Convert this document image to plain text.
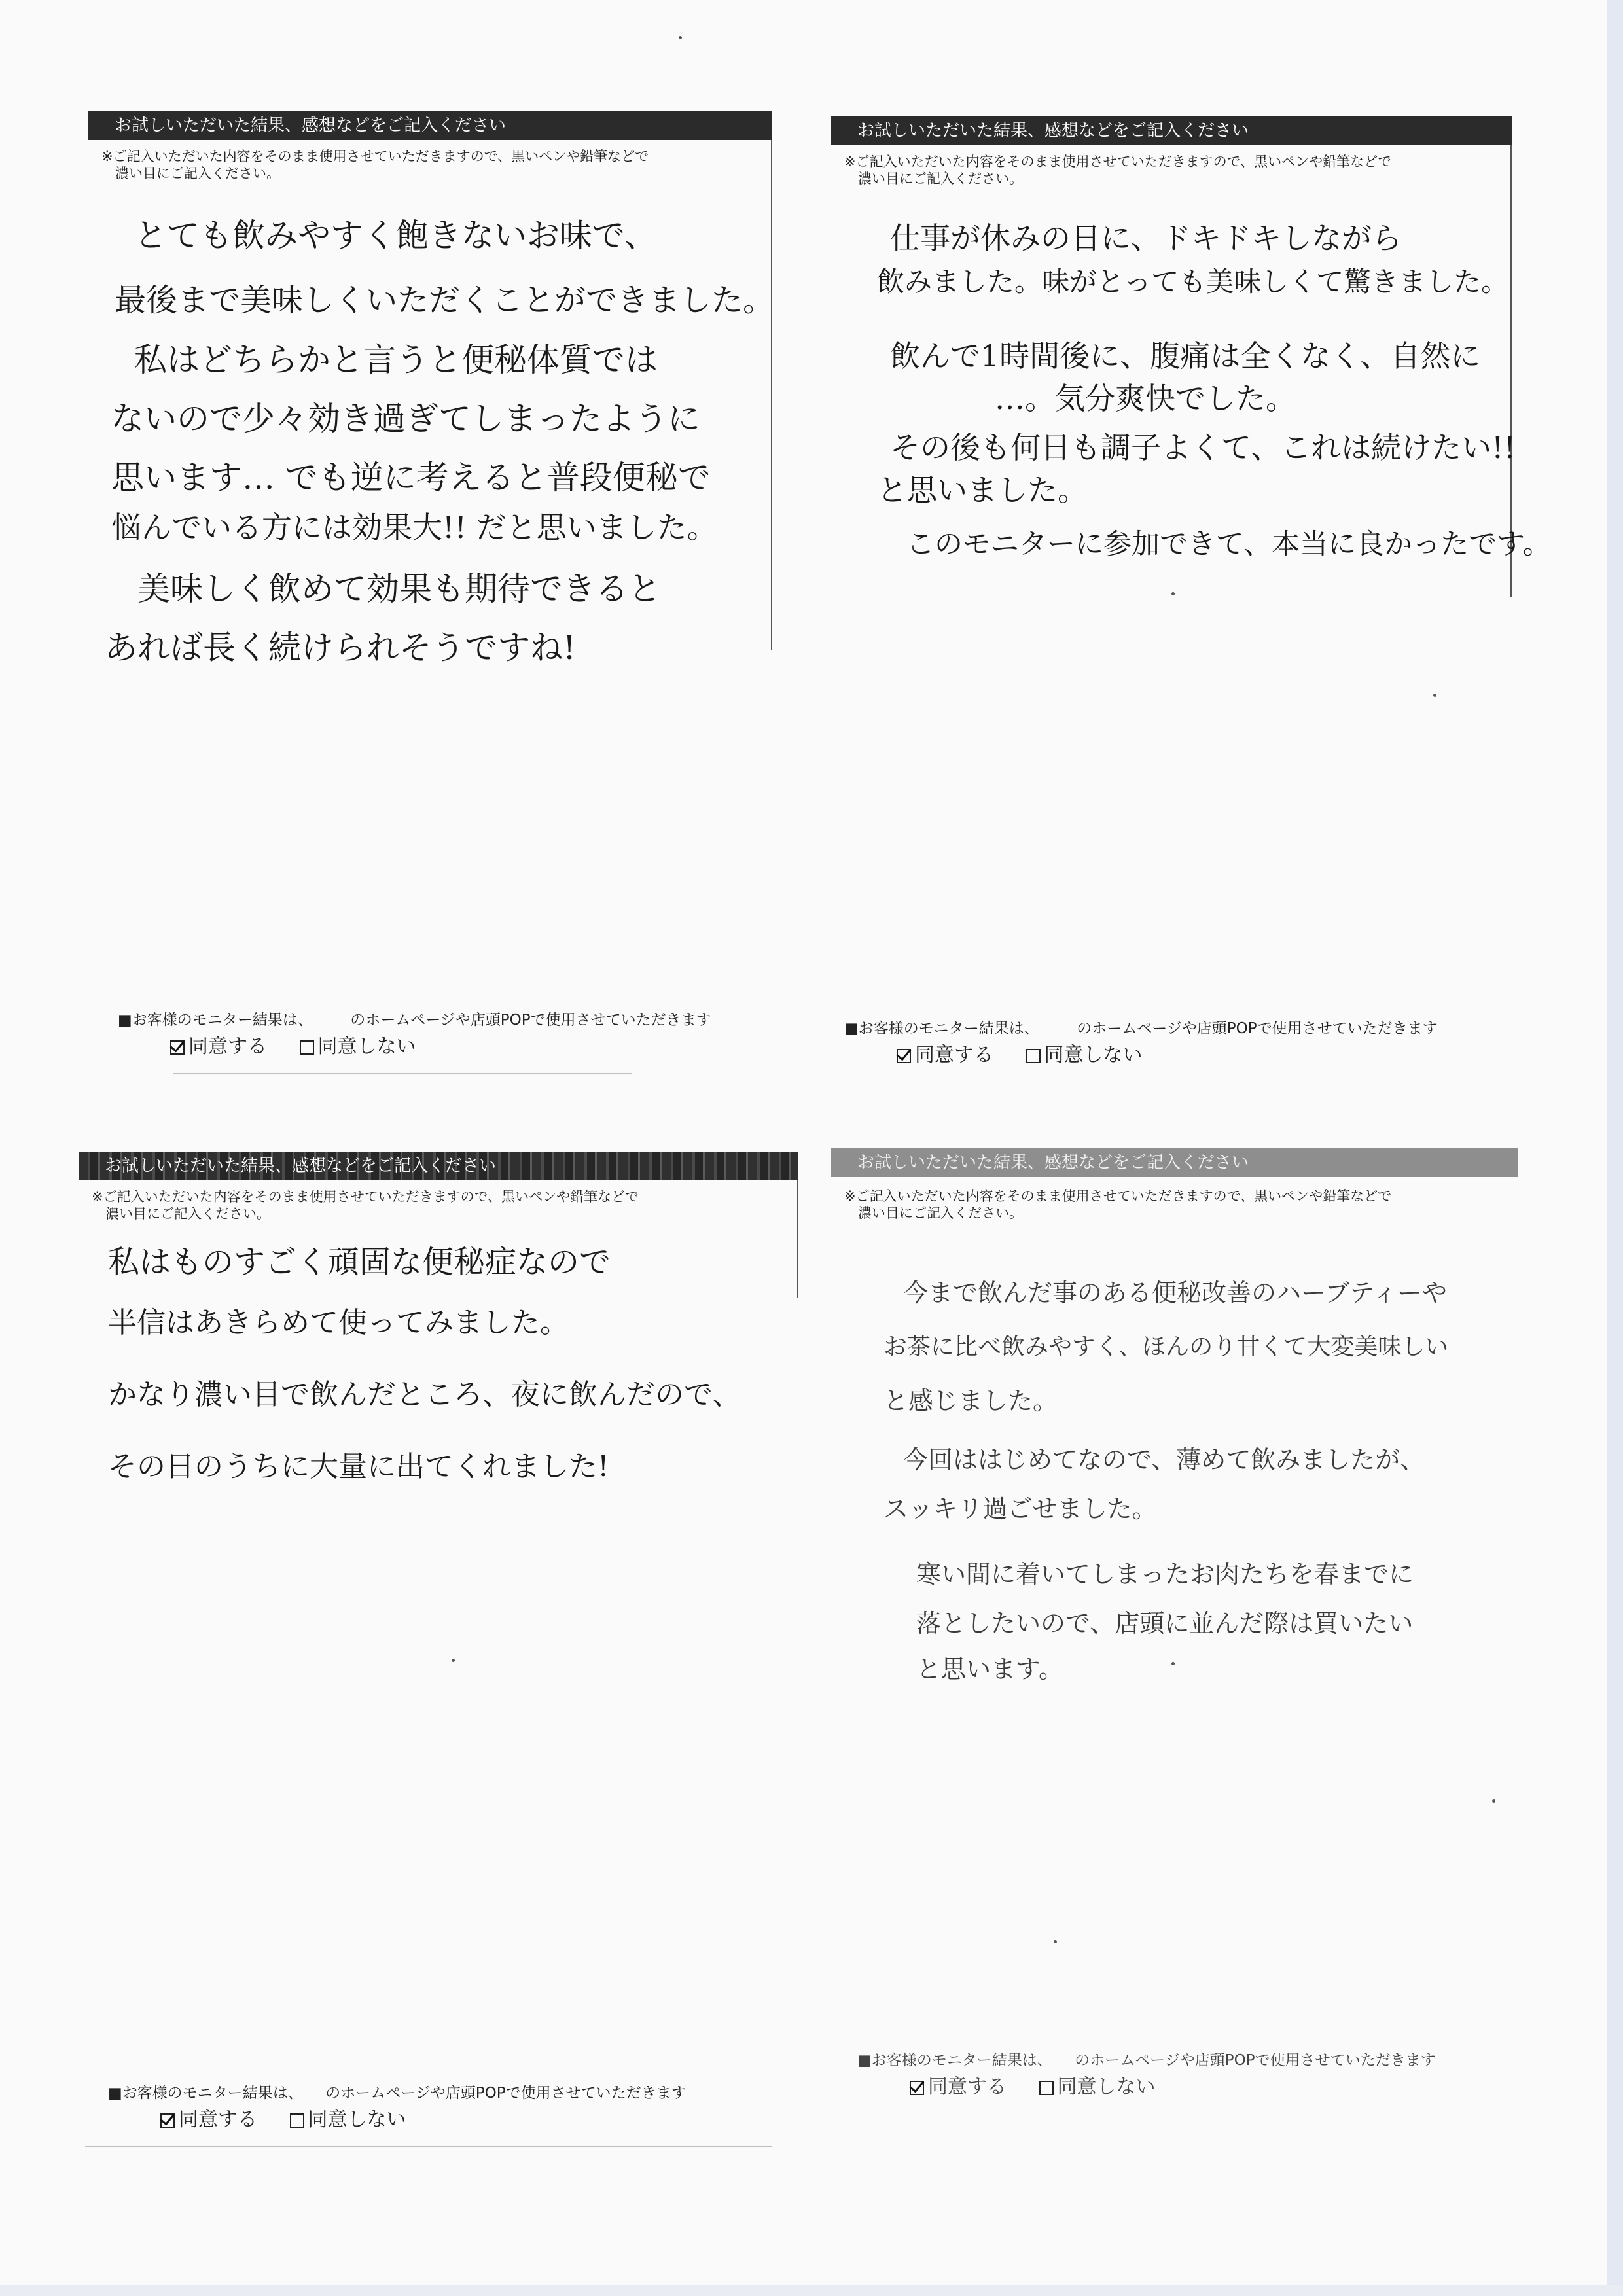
お試しいただいた結果、感想などをご記入ください
※ご記入いただいた内容をそのまま使用させていただきますので、黒いペンや鉛筆などで
　濃い目にご記入ください。
とても飲みやすく飽きないお味で、
最後まで美味しくいただくことができました。
私はどちらかと言うと便秘体質では
ないので少々効き過ぎてしまったように
思います… でも逆に考えると普段便秘で
悩んでいる方には効果大!! だと思いました。
美味しく飲めて効果も期待できると
あれば長く続けられそうですね!
■お客様のモニター結果は、　　　のホームページや店頭POPで使用させていただきます
同意する	同意しない
お試しいただいた結果、感想などをご記入ください
※ご記入いただいた内容をそのまま使用させていただきますので、黒いペンや鉛筆などで
　濃い目にご記入ください。
仕事が休みの日に、ドキドキしながら
飲みました。味がとっても美味しくて驚きました。
飲んで1時間後に、腹痛は全くなく、自然に
…。気分爽快でした。
その後も何日も調子よくて、これは続けたい!!
と思いました。
このモニターに参加できて、本当に良かったです。
■お客様のモニター結果は、　　　のホームページや店頭POPで使用させていただきます
同意する	同意しない
お試しいただいた結果、感想などをご記入ください
※ご記入いただいた内容をそのまま使用させていただきますので、黒いペンや鉛筆などで
　濃い目にご記入ください。
私はものすごく頑固な便秘症なので
半信はあきらめて使ってみました。
かなり濃い目で飲んだところ、夜に飲んだので、
その日のうちに大量に出てくれました!
■お客様のモニター結果は、　　のホームページや店頭POPで使用させていただきます
同意する	同意しない
お試しいただいた結果、感想などをご記入ください
※ご記入いただいた内容をそのまま使用させていただきますので、黒いペンや鉛筆などで
　濃い目にご記入ください。
今まで飲んだ事のある便秘改善のハーブティーや
お茶に比べ飲みやすく、ほんのり甘くて大変美味しい
と感じました。
今回ははじめてなので、薄めて飲みましたが、
スッキリ過ごせました。
寒い間に着いてしまったお肉たちを春までに
落としたいので、店頭に並んだ際は買いたい
と思います。
■お客様のモニター結果は、　　のホームページや店頭POPで使用させていただきます
同意する	同意しない
